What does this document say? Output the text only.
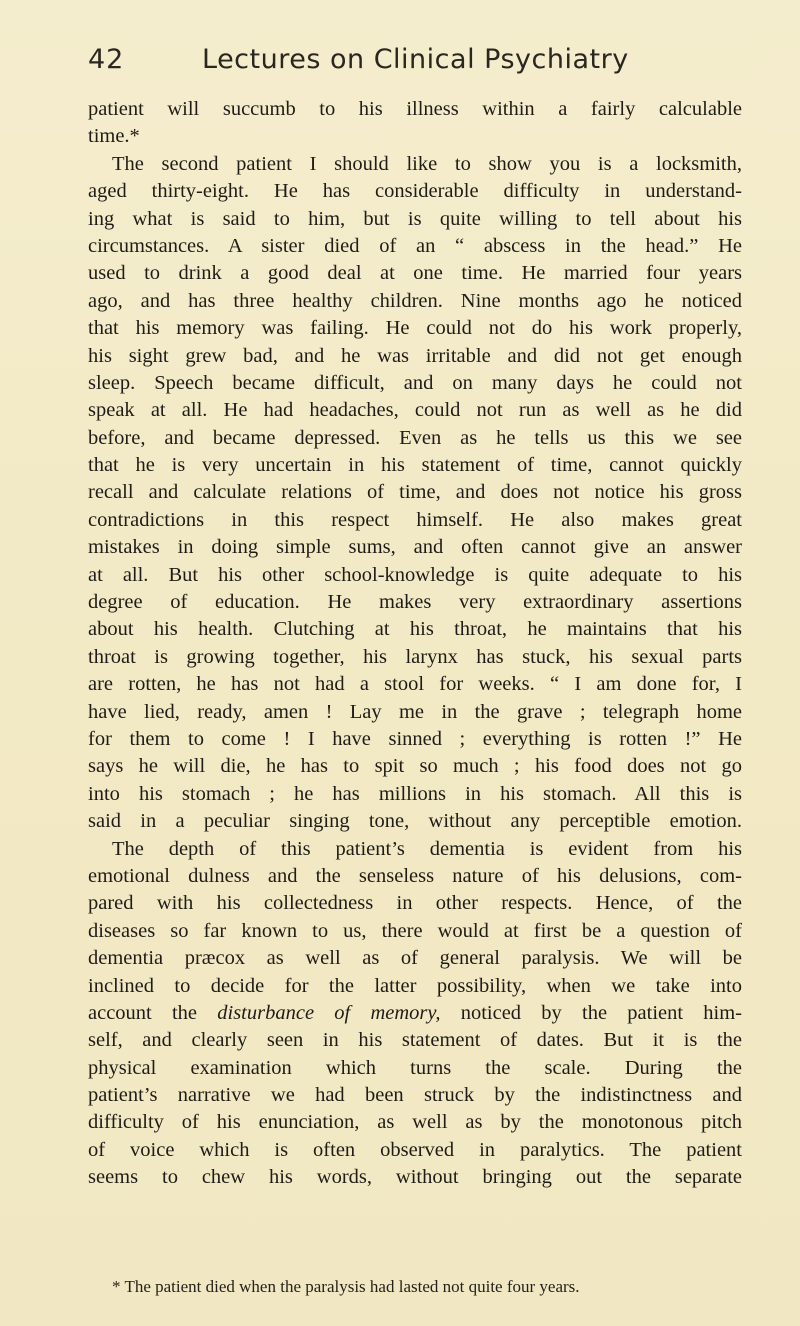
42	Lectures on Clinical Psychiatry
patient will succumb to his illness within a fairly calculable
time.*
The second patient I should like to show you is a locksmith,
aged thirty-eight. He has considerable difficulty in understand-
ing what is said to him, but is quite willing to tell about his
circumstances. A sister died of an “ abscess in the head.” He
used to drink a good deal at one time. He married four years
ago, and has three healthy children. Nine months ago he noticed
that his memory was failing. He could not do his work properly,
his sight grew bad, and he was irritable and did not get enough
sleep. Speech became difficult, and on many days he could not
speak at all. He had headaches, could not run as well as he did
before, and became depressed. Even as he tells us this we see
that he is very uncertain in his statement of time, cannot quickly
recall and calculate relations of time, and does not notice his gross
contradictions in this respect himself. He also makes great
mistakes in doing simple sums, and often cannot give an answer
at all. But his other school-knowledge is quite adequate to his
degree of education. He makes very extraordinary assertions
about his health. Clutching at his throat, he maintains that his
throat is growing together, his larynx has stuck, his sexual parts
are rotten, he has not had a stool for weeks. “ I am done for, I
have lied, ready, amen ! Lay me in the grave ; telegraph home
for them to come ! I have sinned ; everything is rotten !” He
says he will die, he has to spit so much ; his food does not go
into his stomach ; he has millions in his stomach. All this is
said in a peculiar singing tone, without any perceptible emotion.
The depth of this patient’s dementia is evident from his
emotional dulness and the senseless nature of his delusions, com-
pared with his collectedness in other respects. Hence, of the
diseases so far known to us, there would at first be a question of
dementia præcox as well as of general paralysis. We will be
inclined to decide for the latter possibility, when we take into
account the disturbance of memory, noticed by the patient him-
self, and clearly seen in his statement of dates. But it is the
physical examination which turns the scale. During the
patient’s narrative we had been struck by the indistinctness and
difficulty of his enunciation, as well as by the monotonous pitch
of voice which is often observed in paralytics. The patient
seems to chew his words, without bringing out the separate
* The patient died when the paralysis had lasted not quite four years.
